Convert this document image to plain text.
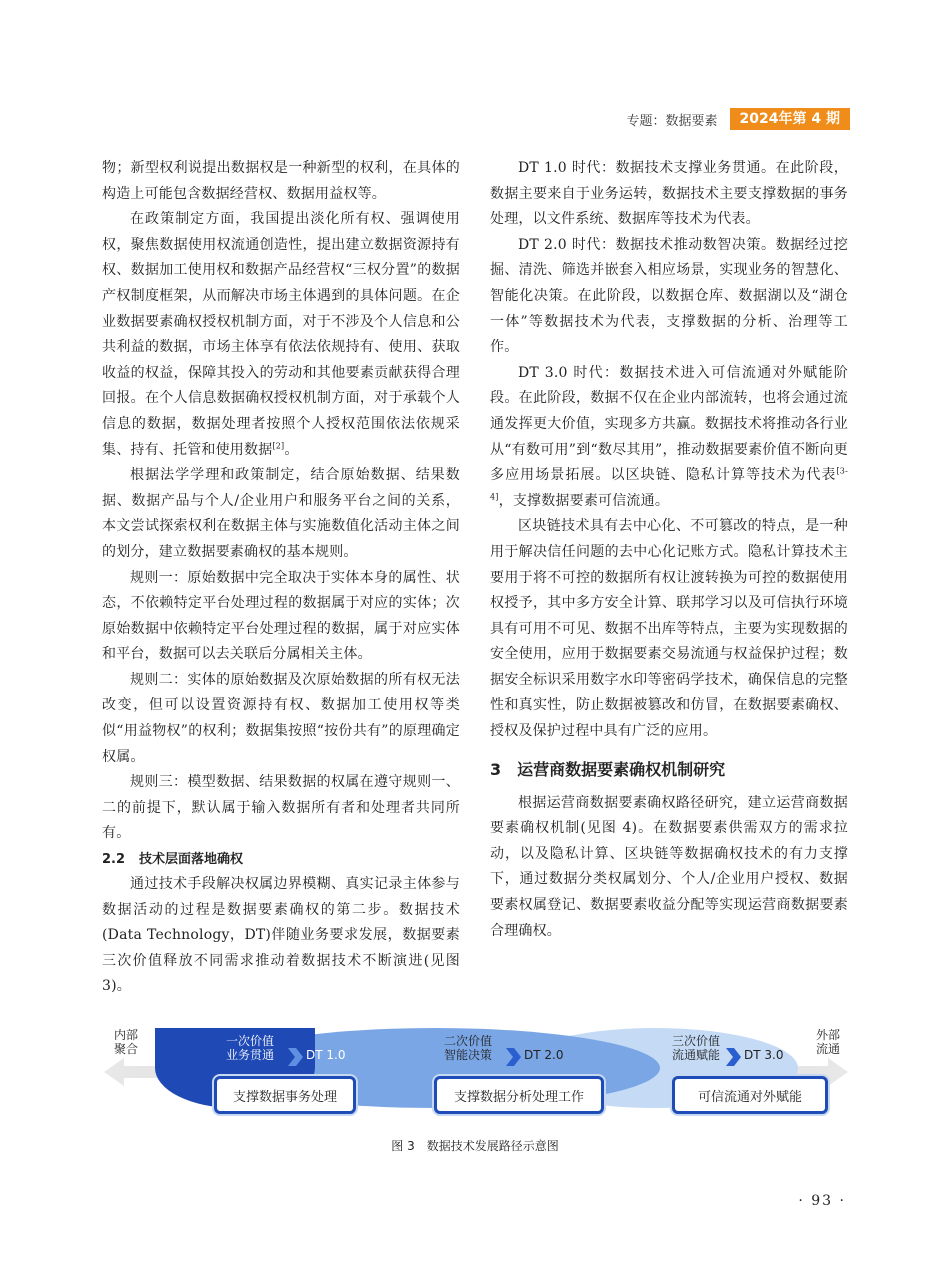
专题：数据要素	2024年第 4 期

物；新型权利说提出数据权是一种新型的权利，在具体的构造上可能包含数据经营权、数据用益权等。

在政策制定方面，我国提出淡化所有权、强调使用权，聚焦数据使用权流通创造性，提出建立数据资源持有权、数据加工使用权和数据产品经营权“三权分置”的数据产权制度框架，从而解决市场主体遇到的具体问题。在企业数据要素确权授权机制方面，对于不涉及个人信息和公共利益的数据，市场主体享有依法依规持有、使用、获取收益的权益，保障其投入的劳动和其他要素贡献获得合理回报。在个人信息数据确权授权机制方面，对于承载个人信息的数据，数据处理者按照个人授权范围依法依规采集、持有、托管和使用数据[2]。

根据法学学理和政策制定，结合原始数据、结果数据、数据产品与个人/企业用户和服务平台之间的关系，本文尝试探索权利在数据主体与实施数值化活动主体之间的划分，建立数据要素确权的基本规则。

规则一：原始数据中完全取决于实体本身的属性、状态，不依赖特定平台处理过程的数据属于对应的实体；次原始数据中依赖特定平台处理过程的数据，属于对应实体和平台，数据可以去关联后分属相关主体。

规则二：实体的原始数据及次原始数据的所有权无法改变，但可以设置资源持有权、数据加工使用权等类似“用益物权”的权利；数据集按照“按份共有”的原理确定权属。

规则三：模型数据、结果数据的权属在遵守规则一、二的前提下，默认属于输入数据所有者和处理者共同所有。

2.2 技术层面落地确权

通过技术手段解决权属边界模糊、真实记录主体参与数据活动的过程是数据要素确权的第二步。数据技术(Data Technology，DT)伴随业务要求发展，数据要素三次价值释放不同需求推动着数据技术不断演进(见图 3)。

DT 1.0 时代：数据技术支撑业务贯通。在此阶段，数据主要来自于业务运转，数据技术主要支撑数据的事务处理，以文件系统、数据库等技术为代表。

DT 2.0 时代：数据技术推动数智决策。数据经过挖掘、清洗、筛选并嵌套入相应场景，实现业务的智慧化、智能化决策。在此阶段，以数据仓库、数据湖以及“湖仓一体”等数据技术为代表，支撑数据的分析、治理等工作。

DT 3.0 时代：数据技术进入可信流通对外赋能阶段。在此阶段，数据不仅在企业内部流转，也将会通过流通发挥更大价值，实现多方共赢。数据技术将推动各行业从“有数可用”到“数尽其用”，推动数据要素价值不断向更多应用场景拓展。以区块链、隐私计算等技术为代表[3-4]，支撑数据要素可信流通。

区块链技术具有去中心化、不可篡改的特点，是一种用于解决信任问题的去中心化记账方式。隐私计算技术主要用于将不可控的数据所有权让渡转换为可控的数据使用权授予，其中多方安全计算、联邦学习以及可信执行环境具有可用不可见、数据不出库等特点，主要为实现数据的安全使用，应用于数据要素交易流通与权益保护过程；数据安全标识采用数字水印等密码学技术，确保信息的完整性和真实性，防止数据被篡改和仿冒，在数据要素确权、授权及保护过程中具有广泛的应用。

3 运营商数据要素确权机制研究

根据运营商数据要素确权路径研究，建立运营商数据要素确权机制(见图 4)。在数据要素供需双方的需求拉动，以及隐私计算、区块链等数据确权技术的有力支撑下，通过数据分类权属划分、个人/企业用户授权、数据要素权属登记、数据要素收益分配等实现运营商数据要素合理确权。

内部
聚合
外部
流通
一次价值
业务贯通	DT 1.0
二次价值
智能决策	DT 2.0
三次价值
流通赋能 DT 3.0
支撑数据事务处理	支撑数据分析处理工作	可信流通对外赋能
图 3 数据技术发展路径示意图
· 93 ·
